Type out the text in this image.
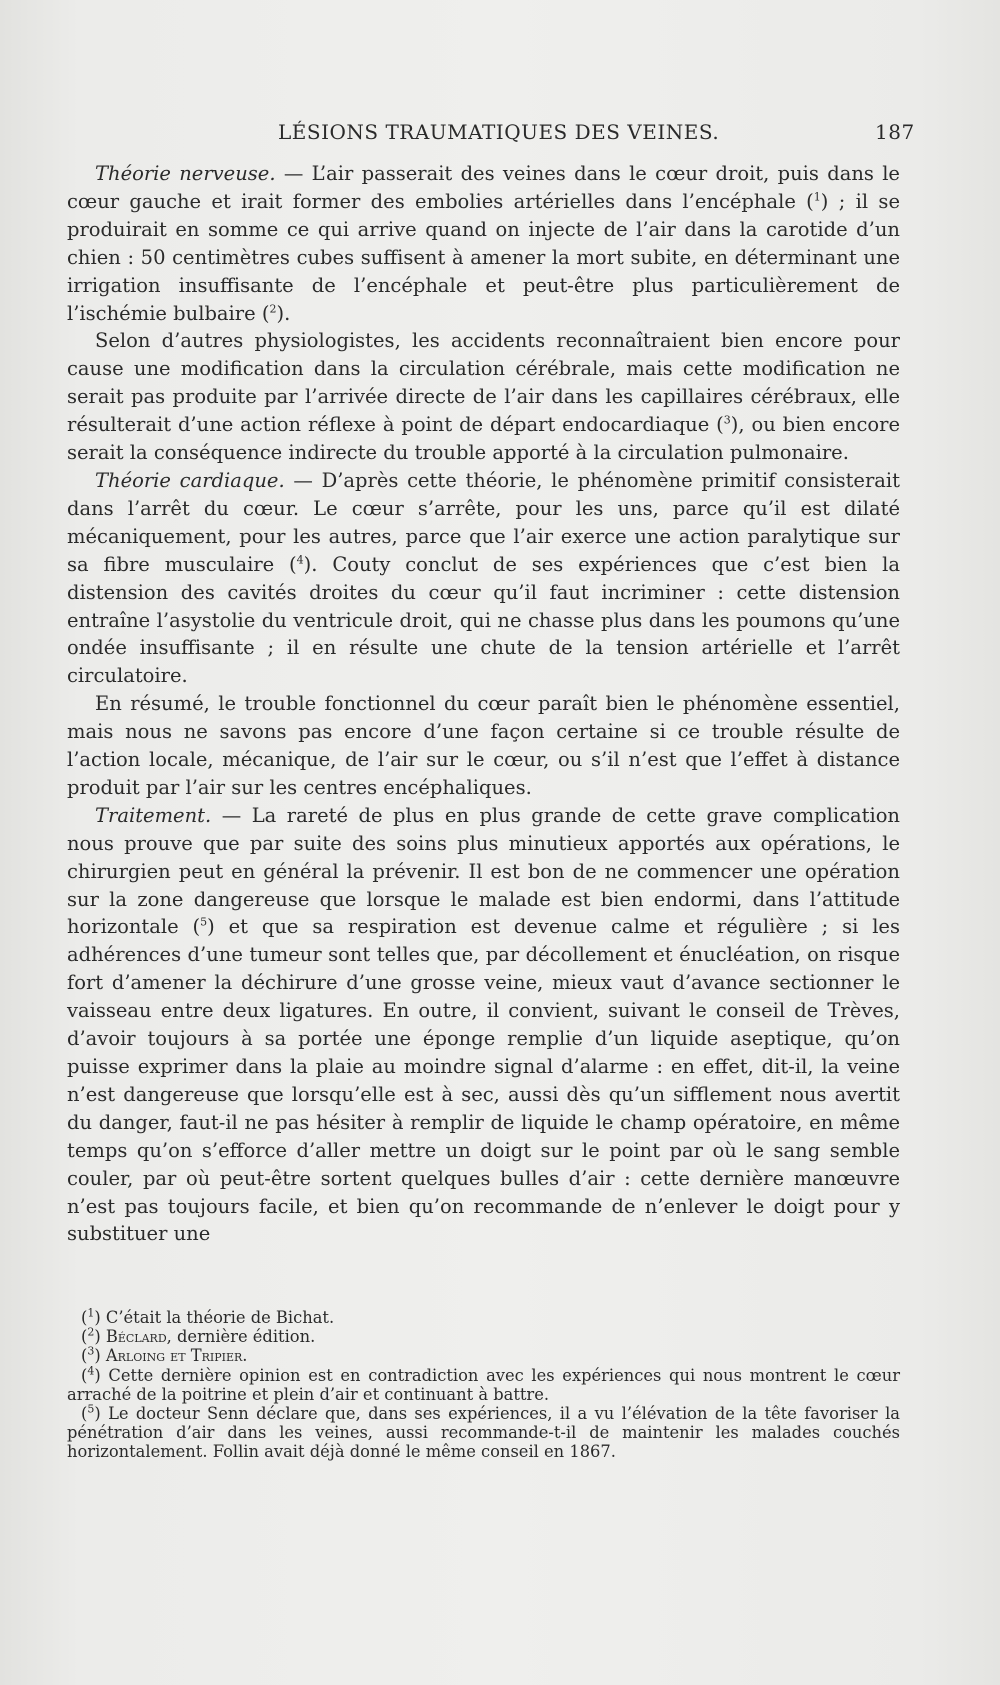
LÉSIONS TRAUMATIQUES DES VEINES.	187

Théorie nerveuse. — L’air passerait des veines dans le cœur droit, puis dans le cœur gauche et irait former des embolies artérielles dans l’encéphale ($^1$) ; il se produirait en somme ce qui arrive quand on injecte de l’air dans la carotide d’un chien : 50 centimètres cubes suffisent à amener la mort subite, en déterminant une irrigation insuffisante de l’encéphale et peut-être plus particulièrement de l’ischémie bulbaire ($^2$).

Selon d’autres physiologistes, les accidents reconnaîtraient bien encore pour cause une modification dans la circulation cérébrale, mais cette modification ne serait pas produite par l’arrivée directe de l’air dans les capillaires cérébraux, elle résulterait d’une action réflexe à point de départ endocardiaque ($^3$), ou bien encore serait la conséquence indirecte du trouble apporté à la circulation pulmonaire.

Théorie cardiaque. — D’après cette théorie, le phénomène primitif consisterait dans l’arrêt du cœur. Le cœur s’arrête, pour les uns, parce qu’il est dilaté mécaniquement, pour les autres, parce que l’air exerce une action paralytique sur sa fibre musculaire ($^4$). Couty conclut de ses expériences que c’est bien la distension des cavités droites du cœur qu’il faut incriminer : cette distension entraîne l’asystolie du ventricule droit, qui ne chasse plus dans les poumons qu’une ondée insuffisante ; il en résulte une chute de la tension artérielle et l’arrêt circulatoire.

En résumé, le trouble fonctionnel du cœur paraît bien le phénomène essentiel, mais nous ne savons pas encore d’une façon certaine si ce trouble résulte de l’action locale, mécanique, de l’air sur le cœur, ou s’il n’est que l’effet à distance produit par l’air sur les centres encéphaliques.

Traitement. — La rareté de plus en plus grande de cette grave complication nous prouve que par suite des soins plus minutieux apportés aux opérations, le chirurgien peut en général la prévenir. Il est bon de ne commencer une opération sur la zone dangereuse que lorsque le malade est bien endormi, dans l’attitude horizontale ($^5$) et que sa respiration est devenue calme et régulière ; si les adhérences d’une tumeur sont telles que, par décollement et énucléation, on risque fort d’amener la déchirure d’une grosse veine, mieux vaut d’avance sectionner le vaisseau entre deux ligatures. En outre, il convient, suivant le conseil de Trèves, d’avoir toujours à sa portée une éponge remplie d’un liquide aseptique, qu’on puisse exprimer dans la plaie au moindre signal d’alarme : en effet, dit-il, la veine n’est dangereuse que lorsqu’elle est à sec, aussi dès qu’un sifflement nous avertit du danger, faut-il ne pas hésiter à remplir de liquide le champ opératoire, en même temps qu’on s’efforce d’aller mettre un doigt sur le point par où le sang semble couler, par où peut-être sortent quelques bulles d’air : cette dernière manœuvre n’est pas toujours facile, et bien qu’on recommande de n’enlever le doigt pour y substituer une

($^1$) C’était la théorie de Bichat.

($^2$) Béclard, dernière édition.

($^3$) Arloing et Tripier.

($^4$) Cette dernière opinion est en contradiction avec les expériences qui nous montrent le cœur arraché de la poitrine et plein d’air et continuant à battre.

($^5$) Le docteur Senn déclare que, dans ses expériences, il a vu l’élévation de la tête favoriser la pénétration d’air dans les veines, aussi recommande-t-il de maintenir les malades couchés horizontalement. Follin avait déjà donné le même conseil en 1867.
